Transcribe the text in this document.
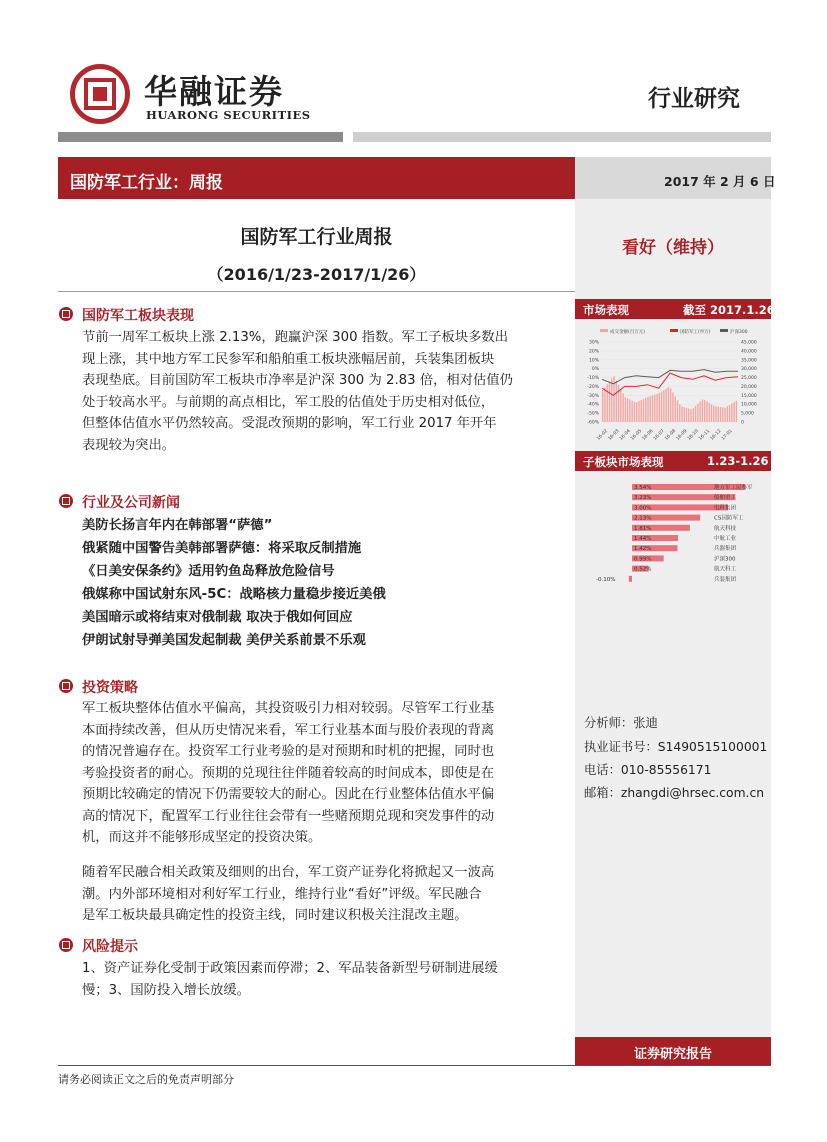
华融证券
HUARONG SECURITIES
行业研究
国防军工行业：周报	2017 年 2 月 6 日
看好（维持）
国防军工行业周报
（2016/1/23-2017/1/26）
国防军工板块表现
节前一周军工板块上涨 2.13%，跑赢沪深 300 指数。军工子板块多数出
现上涨，其中地方军工民参军和船舶重工板块涨幅居前，兵装集团板块
表现垫底。目前国防军工板块市净率是沪深 300 为 2.83 倍，相对估值仍
处于较高水平。与前期的高点相比，军工股的估值处于历史相对低位，
但整体估值水平仍然较高。受混改预期的影响，军工行业 2017 年开年
表现较为突出。
行业及公司新闻
美防长扬言年内在韩部署“萨德”
俄紧随中国警告美韩部署萨德：将采取反制措施
《日美安保条约》适用钓鱼岛释放危险信号
俄媒称中国试射东风-5C：战略核力量稳步接近美俄
美国暗示或将结束对俄制裁 取决于俄如何回应
伊朗试射导弹美国发起制裁 美伊关系前景不乐观
投资策略
军工板块整体估值水平偏高，其投资吸引力相对较弱。尽管军工行业基
本面持续改善，但从历史情况来看，军工行业基本面与股价表现的背离
的情况普遍存在。投资军工行业考验的是对预期和时机的把握，同时也
考验投资者的耐心。预期的兑现往往伴随着较高的时间成本，即使是在
预期比较确定的情况下仍需要较大的耐心。因此在行业整体估值水平偏
高的情况下，配置军工行业往往会带有一些赌预期兑现和突发事件的动
机，而这并不能够形成坚定的投资决策。
随着军民融合相关政策及细则的出台，军工资产证券化将掀起又一波高
潮。内外部环境相对利好军工行业，维持行业“看好”评级。军民融合
是军工板块最具确定性的投资主线，同时建议积极关注混改主题。
风险提示
1、资产证券化受制于政策因素而停滞；2、军品装备新型号研制进展缓
慢；3、国防投入增长放缓。
市场表现	截至 2017.1.26
成交金额(百万元)	国防军工(申万)	沪深300
30%
20%
10%
0%
-10%
-20%
-30%
-40%
-50%
-60%
45,000
40,000
35,000
30,000
25,000
20,000
15,000
10,000
5,000
0
16-02
16-03
16-04
16-05
16-06
16-07
16-08
16-09
16-10
16-11
16-12
17-01
子板块市场表现	1.23-1.26
3.54%	地方军工民参军
3.23%	船舶重工
3.00%	电科集团
2.13%	CS国防军工
1.81%	航天科技
1.44%	中航工业
1.42%	兵器集团
0.99%	沪深300
0.52%	航天科工
-0.10%	兵装集团
分析师：张迪
执业证书号：S1490515100001
电话：010-85556171
邮箱：zhangdi@hrsec.com.cn
证券研究报告
请务必阅读正文之后的免责声明部分
